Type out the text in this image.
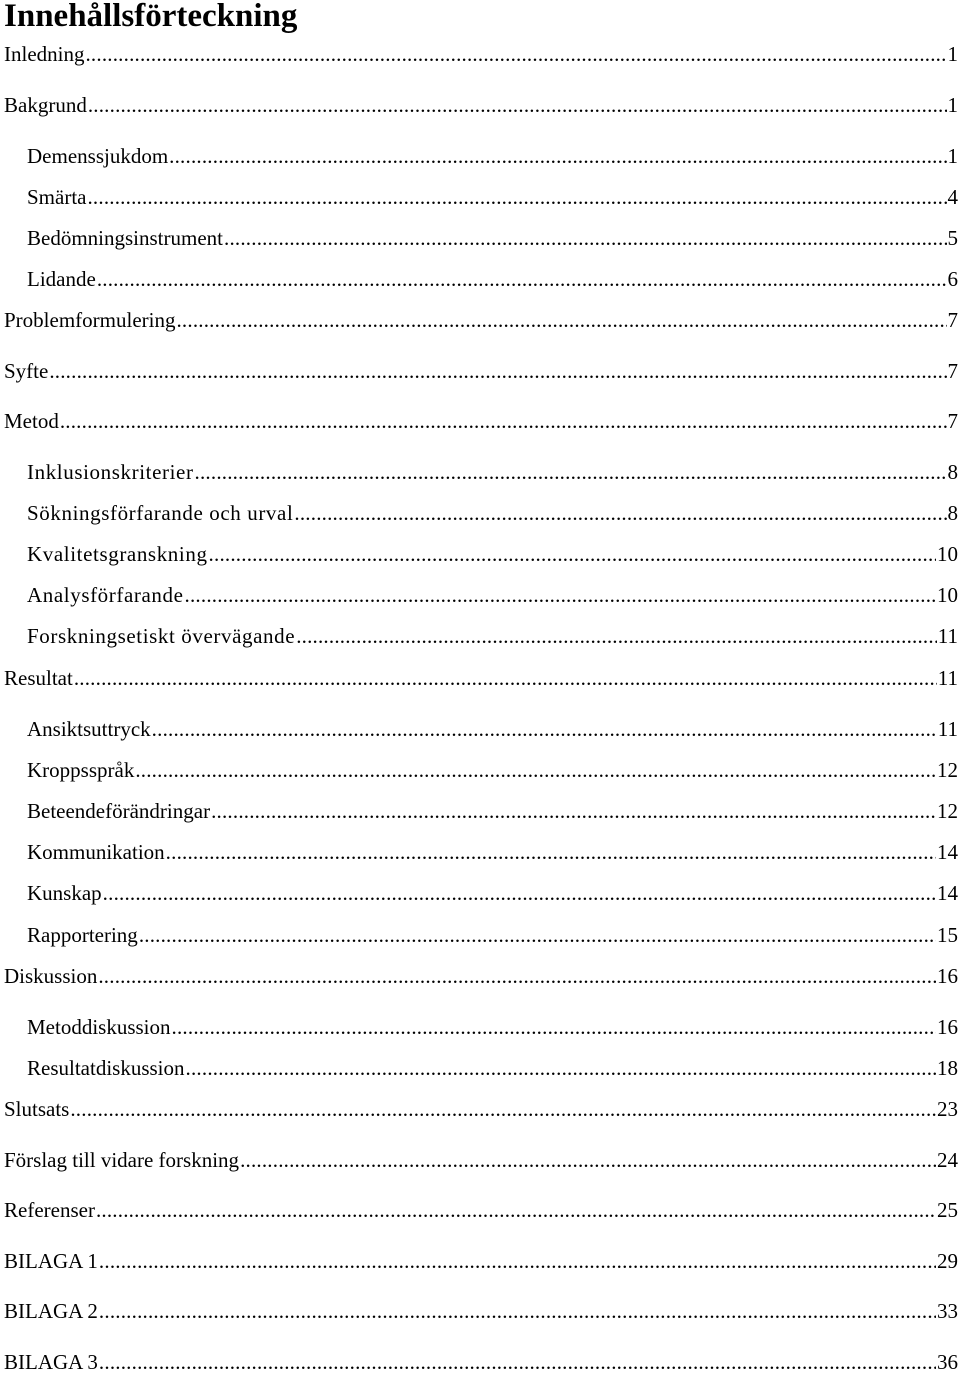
Innehållsförteckning
Inledning .....	1
Bakgrund .....	1
Demenssjukdom .....	1
Smärta .....	4
Bedömningsinstrument .....	5
Lidande .....	6
Problemformulering .....	7
Syfte .....	7
Metod .....	7
Inklusionskriterier .....	8
Sökningsförfarande och urval .....	8
Kvalitetsgranskning .....	10
Analysförfarande .....	10
Forskningsetiskt övervägande .....	11
Resultat .....	11
Ansiktsuttryck .....	11
Kroppsspråk .....	12
Beteendeförändringar .....	12
Kommunikation .....	14
Kunskap .....	14
Rapportering .....	15
Diskussion .....	16
Metoddiskussion .....	16
Resultatdiskussion .....	18
Slutsats .....	23
Förslag till vidare forskning .....	24
Referenser .....	25
BILAGA 1 .....	29
BILAGA 2 .....	33
BILAGA 3 .....	36
